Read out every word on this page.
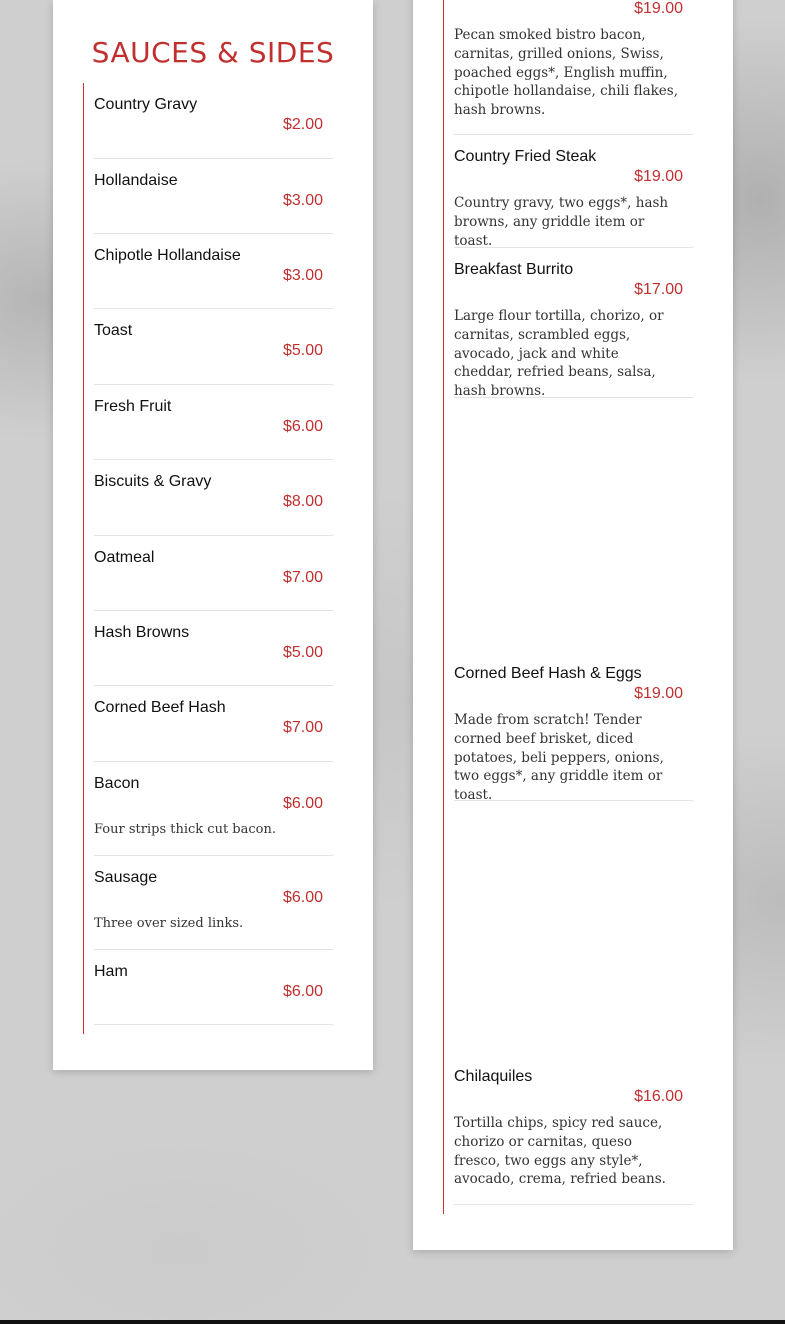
SAUCES & SIDES
Country Gravy
$2.00
Hollandaise
$3.00
Chipotle Hollandaise
$3.00
Toast
$5.00
Fresh Fruit
$6.00
Biscuits & Gravy
$8.00
Oatmeal
$7.00
Hash Browns
$5.00
Corned Beef Hash
$7.00
Bacon
$6.00
Four strips thick cut bacon.
Sausage
$6.00
Three over sized links.
Ham
$6.00
$19.00
Pecan smoked bistro bacon, carnitas, grilled onions, Swiss, poached eggs*, English muffin, chipotle hollandaise, chili flakes, hash browns.
Country Fried Steak
$19.00
Country gravy, two eggs*, hash browns, any griddle item or toast.
Breakfast Burrito
$17.00
Large flour tortilla, chorizo, or carnitas, scrambled eggs, avocado, jack and white cheddar, refried beans, salsa, hash browns.
Corned Beef Hash & Eggs
$19.00
Made from scratch! Tender corned beef brisket, diced potatoes, beli peppers, onions, two eggs*, any griddle item or toast.
Chilaquiles
$16.00
Tortilla chips, spicy red sauce, chorizo or carnitas, queso fresco, two eggs any style*, avocado, crema, refried beans.
